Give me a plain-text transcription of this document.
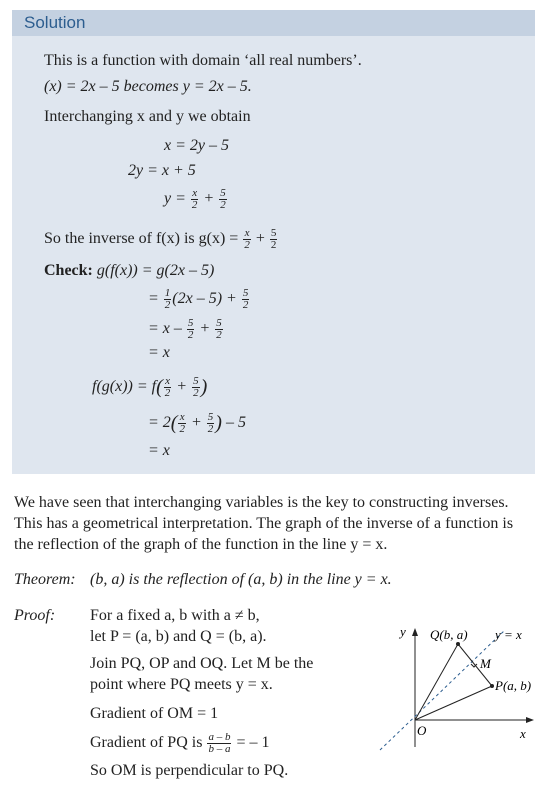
Solution
This is a function with domain ‘all real numbers’.
(x) = 2x – 5 becomes y = 2x – 5.
Interchanging x and y we obtain
x = 2y – 5
2y = x + 5
$y = \frac{x}{2} + \frac{5}{2}$
So the inverse of f(x) is $g(x) = \frac{x}{2} + \frac{5}{2}$
Check: g(f(x)) = g(2x – 5)
= $\frac{1}{2} (2x - 5) + \frac{5}{2}$
= $x - \frac{5}{2} + \frac{5}{2}$
= x
$f(g(x)) = f( \frac{x}{2} + \frac{5}{2}$ )
= $2( \frac{x}{2} + \frac{5}{2}$ ) – 5
= x
We have seen that interchanging variables is the key to constructing inverses. This has a geometrical interpretation. The graph of the inverse of a function is the reflection of the graph of the function in the line y = x.
Theorem: (b, a) is the reflection of (a, b) in the line y = x.
Proof: For a fixed a, b with a ≠ b,
let P = (a, b) and Q = (b, a).
Join PQ, OP and OQ. Let M be the
point where PQ meets y = x.
Gradient of OM = 1
Gradient of PQ is $\frac{a - b}{b - a}$ = – 1
So OM is perpendicular to PQ.
y
x
O
Q(b, a)
P(a, b)
M
y = x
